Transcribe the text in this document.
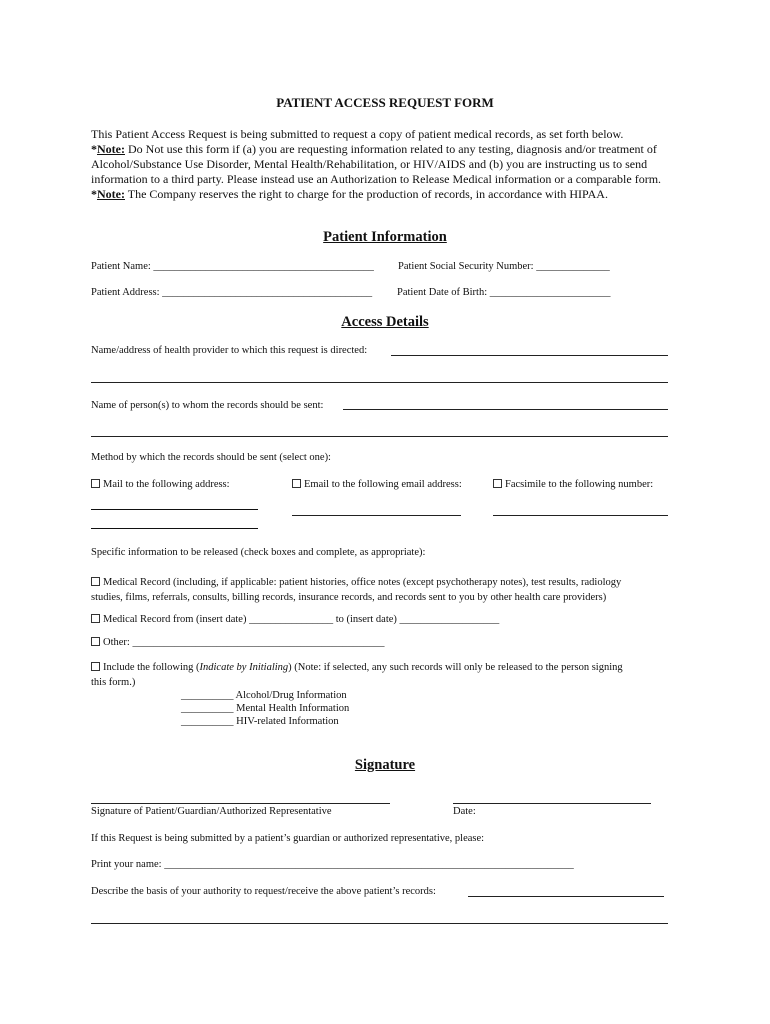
PATIENT ACCESS REQUEST FORM

This Patient Access Request is being submitted to request a copy of patient medical records, as set forth below.

*Note: Do Not use this form if (a) you are requesting information related to any testing, diagnosis and/or treatment of Alcohol/Substance Use Disorder, Mental Health/Rehabilitation, or HIV/AIDS and (b) you are instructing us to send information to a third party. Please instead use an Authorization to Release Medical information or a comparable form.

*Note: The Company reserves the right to charge for the production of records, in accordance with HIPAA.

Patient Information
Patient Name: __________________________________________ Patient Social Security Number: ______________
Patient Address: ________________________________________ Patient Date of Birth: _______________________
Access Details
Name/address of health provider to which this request is directed:
Name of person(s) to whom the records should be sent:
Method by which the records should be sent (select one):
Mail to the following address:	Email to the following email address:	Facsimile to the following number:
Specific information to be released (check boxes and complete, as appropriate):
Medical Record (including, if applicable: patient histories, office notes (except psychotherapy notes), test results, radiology
studies, films, referrals, consults, billing records, insurance records, and records sent to you by other health care providers)
Medical Record from (insert date) ________________ to (insert date) ___________________
Other: ________________________________________________
Include the following (Indicate by Initialing) (Note: if selected, any such records will only be released to the person signing
this form.)
__________ Alcohol/Drug Information
__________ Mental Health Information
__________ HIV-related Information
Signature
Signature of Patient/Guardian/Authorized Representative	Date:
If this Request is being submitted by a patient’s guardian or authorized representative, please:
Print your name: ______________________________________________________________________________
Describe the basis of your authority to request/receive the above patient’s records:
